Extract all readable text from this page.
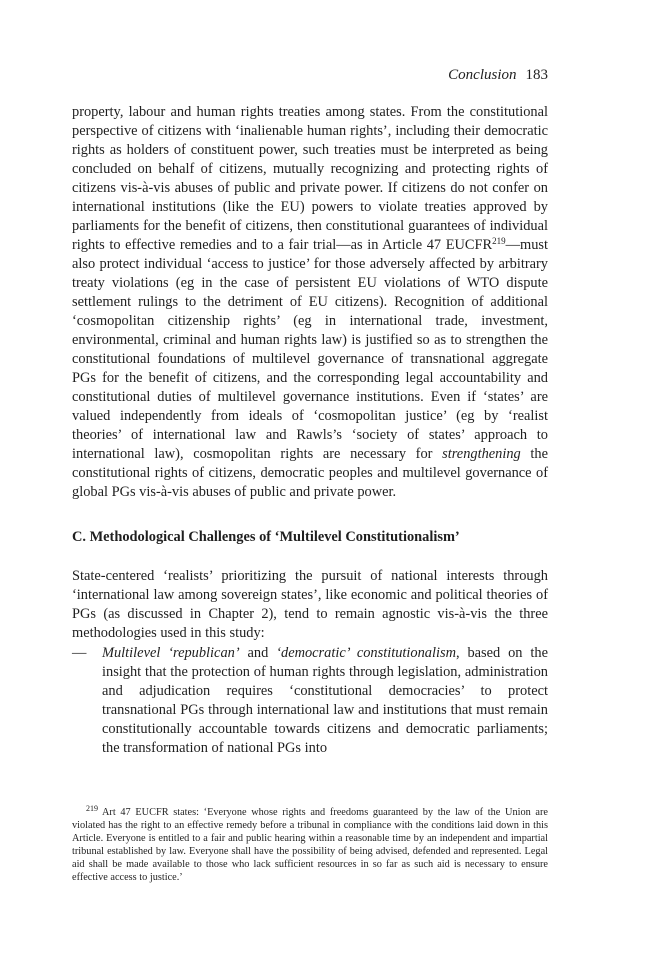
Conclusion 183

property, labour and human rights treaties among states. From the constitutional perspective of citizens with ‘inalienable human rights’, including their democratic rights as holders of constituent power, such treaties must be interpreted as being concluded on behalf of citizens, mutually recognizing and protecting rights of citizens vis-à-vis abuses of public and private power. If citizens do not confer on international institutions (like the EU) powers to violate treaties approved by parliaments for the benefit of citizens, then constitutional guarantees of individual rights to effective remedies and to a fair trial—as in Article 47 EUCFR$^{219}$—must also protect individual ‘access to justice’ for those adversely affected by arbitrary treaty violations (eg in the case of persistent EU violations of WTO dispute settlement rulings to the detriment of EU citizens). Recognition of additional ‘cosmopolitan citizenship rights’ (eg in international trade, investment, environmental, criminal and human rights law) is justified so as to strengthen the constitutional foundations of multilevel governance of transnational aggregate PGs for the benefit of citizens, and the corresponding legal accountability and constitutional duties of multilevel governance institutions. Even if ‘states’ are valued independently from ideals of ‘cosmopolitan justice’ (eg by ‘realist theories’ of international law and Rawls’s ‘society of states’ approach to international law), cosmopolitan rights are necessary for strengthening the constitutional rights of citizens, democratic peoples and multilevel governance of global PGs vis-à-vis abuses of public and private power.

C. Methodological Challenges of ‘Multilevel Constitutionalism’

State-centered ‘realists’ prioritizing the pursuit of national interests through ‘international law among sovereign states’, like economic and political theories of PGs (as discussed in Chapter 2), tend to remain agnostic vis-à-vis the three methodologies used in this study:

— Multilevel ‘republican’ and ‘democratic’ constitutionalism, based on the insight that the protection of human rights through legislation, administration and adjudication requires ‘constitutional democracies’ to protect transnational PGs through international law and institutions that must remain constitutionally accountable towards citizens and democratic parliaments; the transformation of national PGs into
$^{219}$ Art 47 EUCFR states: ‘Everyone whose rights and freedoms guaranteed by the law of the Union are violated has the right to an effective remedy before a tribunal in compliance with the conditions laid down in this Article. Everyone is entitled to a fair and public hearing within a reasonable time by an independent and impartial tribunal established by law. Everyone shall have the possibility of being advised, defended and represented. Legal aid shall be made available to those who lack sufficient resources in so far as such aid is necessary to ensure effective access to justice.’
